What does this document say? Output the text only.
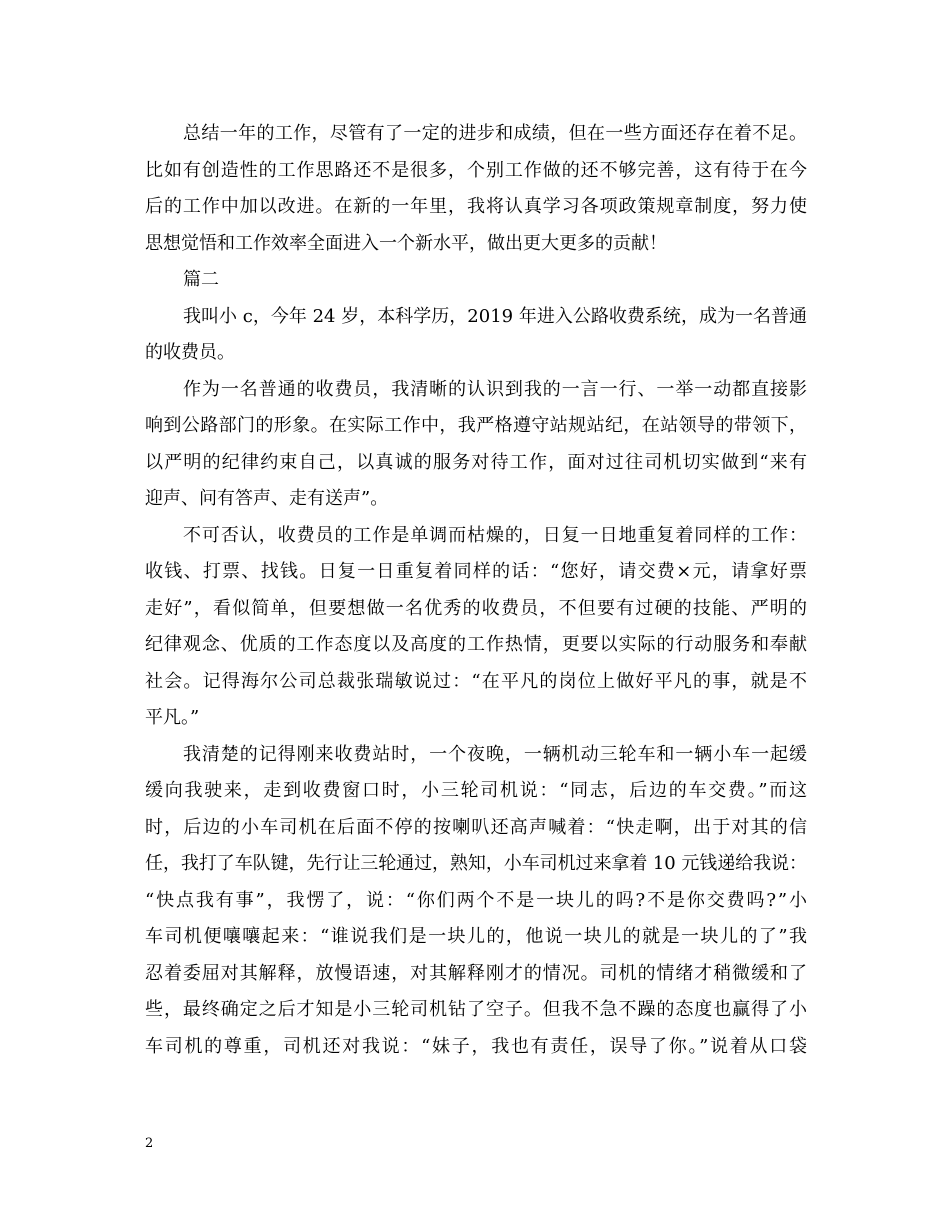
总结一年的工作，尽管有了一定的进步和成绩，但在一些方面还存在着不足。
比如有创造性的工作思路还不是很多，个别工作做的还不够完善，这有待于在今
后的工作中加以改进。在新的一年里，我将认真学习各项政策规章制度，努力使
思想觉悟和工作效率全面进入一个新水平，做出更大更多的贡献！
篇二
我叫小 c，今年 24 岁，本科学历，2019 年进入公路收费系统，成为一名普通
的收费员。
作为一名普通的收费员，我清晰的认识到我的一言一行、一举一动都直接影
响到公路部门的形象。在实际工作中，我严格遵守站规站纪，在站领导的带领下，
以严明的纪律约束自己，以真诚的服务对待工作，面对过往司机切实做到“来有
迎声、问有答声、走有送声”。
不可否认，收费员的工作是单调而枯燥的，日复一日地重复着同样的工作：
收钱、打票、找钱。日复一日重复着同样的话：“您好，请交费×元，请拿好票
走好”，看似简单，但要想做一名优秀的收费员，不但要有过硬的技能、严明的
纪律观念、优质的工作态度以及高度的工作热情，更要以实际的行动服务和奉献
社会。记得海尔公司总裁张瑞敏说过：“在平凡的岗位上做好平凡的事，就是不
平凡。”
我清楚的记得刚来收费站时，一个夜晚，一辆机动三轮车和一辆小车一起缓
缓向我驶来，走到收费窗口时，小三轮司机说：“同志，后边的车交费。”而这
时，后边的小车司机在后面不停的按喇叭还高声喊着：“快走啊，出于对其的信
任，我打了车队键，先行让三轮通过，熟知，小车司机过来拿着 10 元钱递给我说：
“快点我有事”，我愣了，说：“你们两个不是一块儿的吗?不是你交费吗?”小
车司机便嚷嚷起来：“谁说我们是一块儿的，他说一块儿的就是一块儿的了”我
忍着委屈对其解释，放慢语速，对其解释刚才的情况。司机的情绪才稍微缓和了
些，最终确定之后才知是小三轮司机钻了空子。但我不急不躁的态度也赢得了小
车司机的尊重，司机还对我说：“妹子，我也有责任，误导了你。”说着从口袋
2
